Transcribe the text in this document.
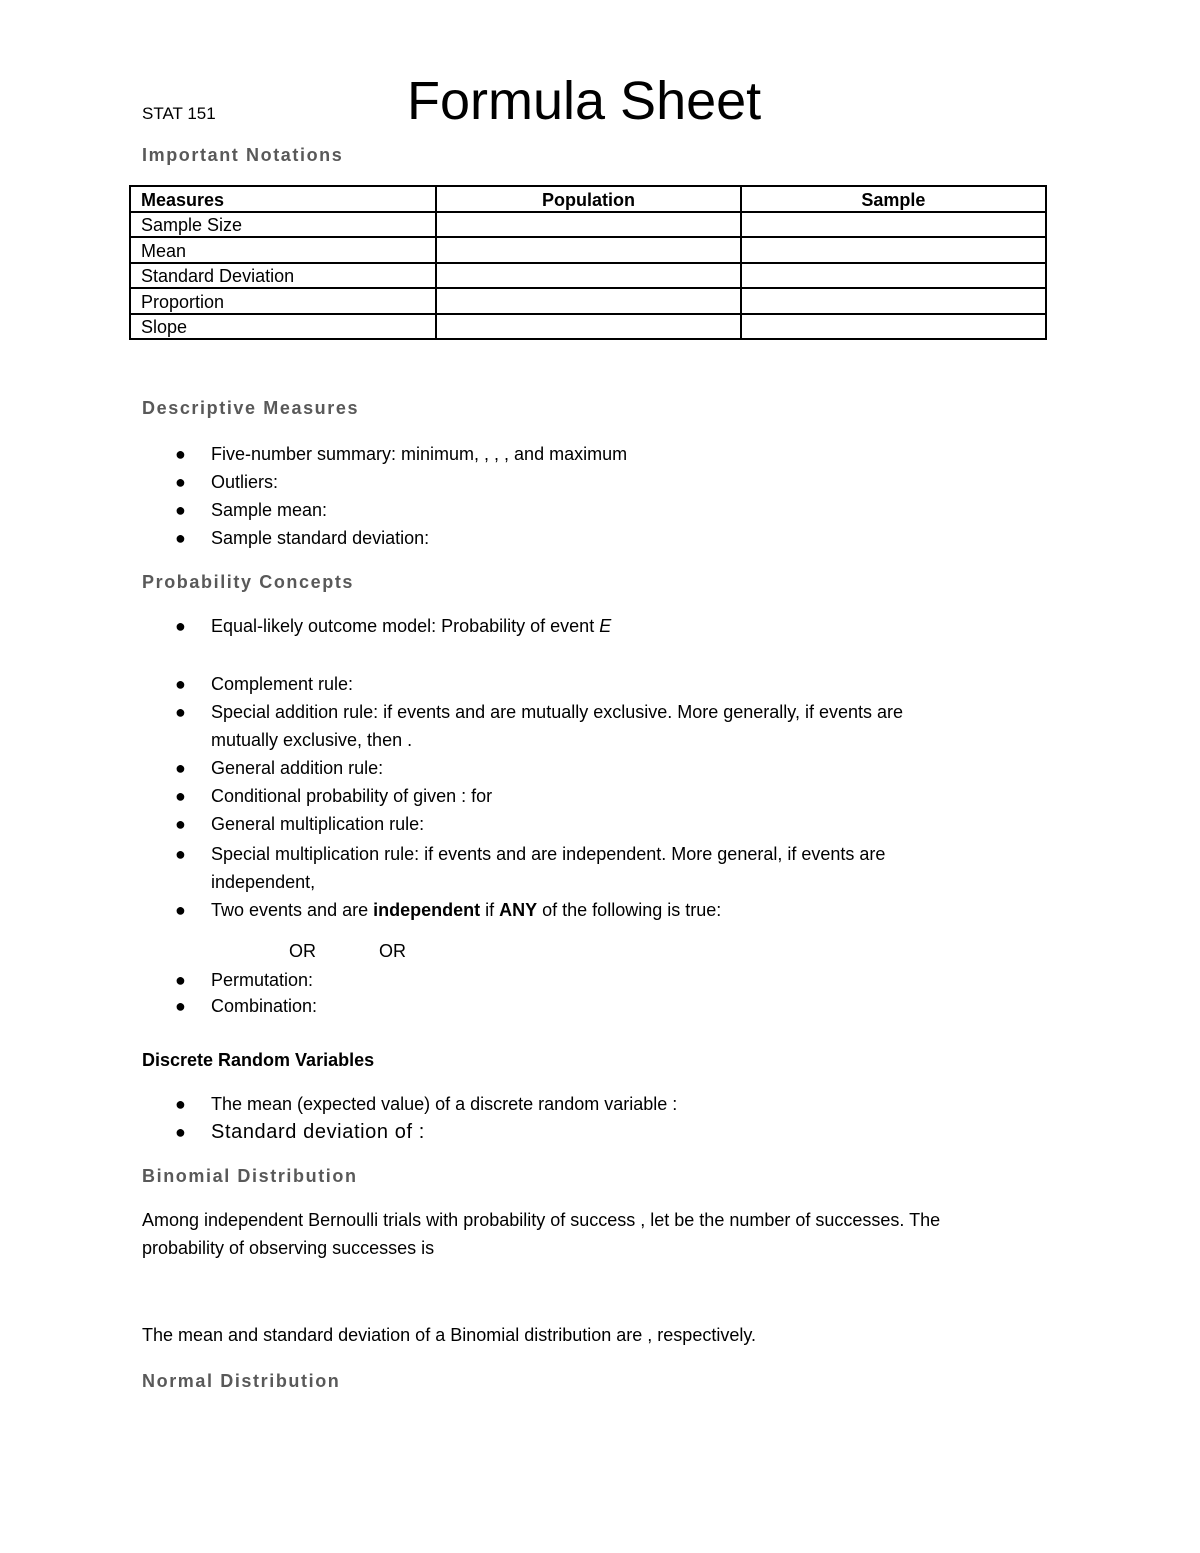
STAT 151	Formula Sheet
Important Notations
Measures	Population	Sample
Sample Size		
Mean		
Standard Deviation		
Proportion		
Slope		
Descriptive Measures
● Five-number summary: minimum, , , , and maximum
● Outliers:
● Sample mean:
● Sample standard deviation:
Probability Concepts
● Equal-likely outcome model: Probability of event E
● Complement rule:
● Special addition rule: if events and are mutually exclusive. More generally, if events are
mutually exclusive, then .
● General addition rule:
● Conditional probability of given : for
● General multiplication rule:
● Special multiplication rule: if events and are independent. More general, if events are
independent,
● Two events and are independent if ANY of the following is true:
OR	OR
● Permutation:
● Combination:
Discrete Random Variables
● The mean (expected value) of a discrete random variable :
● Standard deviation of :
Binomial Distribution
Among independent Bernoulli trials with probability of success , let be the number of successes. The
probability of observing successes is
The mean and standard deviation of a Binomial distribution are , respectively.
Normal Distribution
